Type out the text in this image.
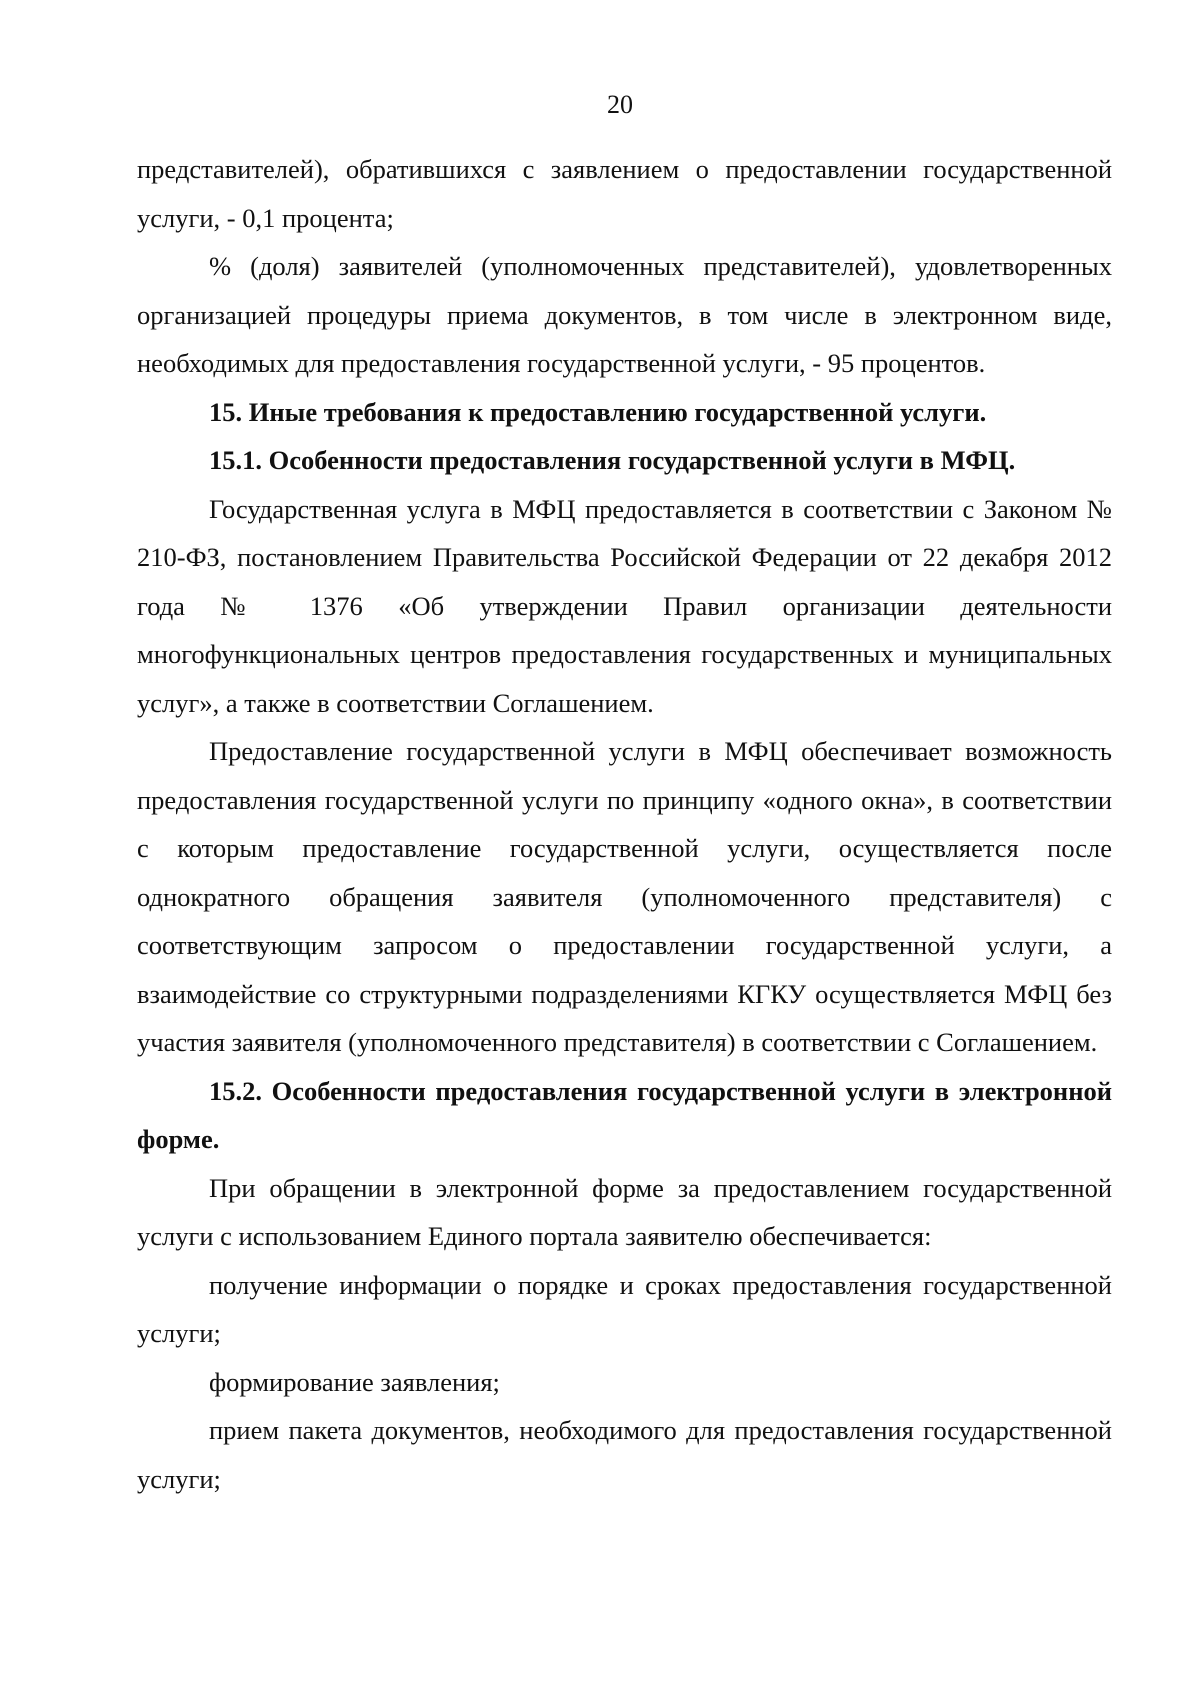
20

представителей), обратившихся с заявлением о предоставлении государственной услуги, - 0,1 процента;

% (доля) заявителей (уполномоченных представителей), удовлетворенных организацией процедуры приема документов, в том числе в электронном виде, необходимых для предоставления государственной услуги, - 95 процентов.

15. Иные требования к предоставлению государственной услуги.

15.1. Особенности предоставления государственной услуги в МФЦ.

Государственная услуга в МФЦ предоставляется в соответствии с Законом № 210-ФЗ, постановлением Правительства Российской Федерации от 22 декабря 2012 года № 1376 «Об утверждении Правил организации деятельности многофункциональных центров предоставления государственных и муниципальных услуг», а также в соответствии Соглашением.

Предоставление государственной услуги в МФЦ обеспечивает возможность предоставления государственной услуги по принципу «одного окна», в соответствии с которым предоставление государственной услуги, осуществляется после однократного обращения заявителя (уполномоченного представителя) с соответствующим запросом о предоставлении государственной услуги, а взаимодействие со структурными подразделениями КГКУ осуществляется МФЦ без участия заявителя (уполномоченного представителя) в соответствии с Соглашением.

15.2. Особенности предоставления государственной услуги в электронной форме.

При обращении в электронной форме за предоставлением государственной услуги с использованием Единого портала заявителю обеспечивается:

получение информации о порядке и сроках предоставления государственной услуги;

формирование заявления;

прием пакета документов, необходимого для предоставления государственной услуги;
